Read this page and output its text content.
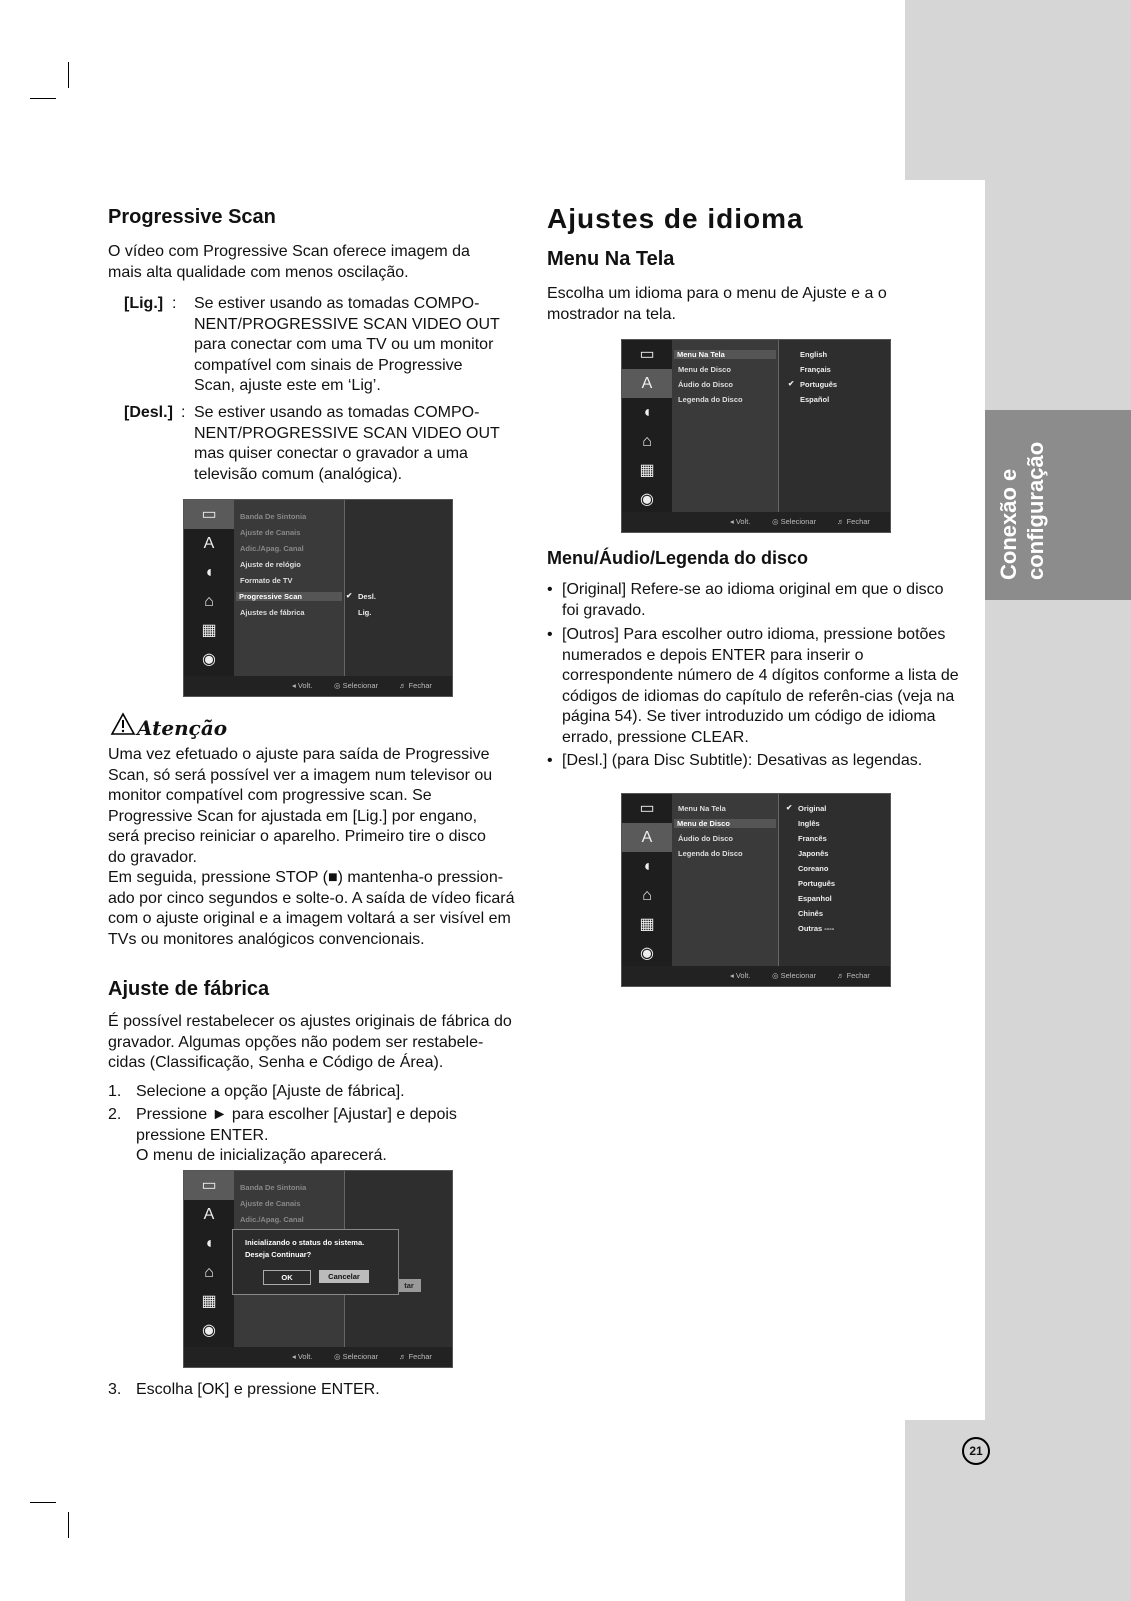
Conexão e configuração
Progressive Scan

O vídeo com Progressive Scan oferece imagem da mais alta qualidade com menos oscilação.

[Lig.] : Se estiver usando as tomadas COMPO-NENT/PROGRESSIVE SCAN VIDEO OUT para conectar com uma TV ou um monitor compatível com sinais de Progressive Scan, ajuste este em ‘Lig’.
[Desl.] : Se estiver usando as tomadas COMPO-NENT/PROGRESSIVE SCAN VIDEO OUT mas quiser conectar o gravador a uma televisão comum (analógica).
▭
A
◖
⌂
▦
◉
Banda De Sintonia
Ajuste de Canais
Adic./Apag. Canal
Ajuste de relógio
Formato de TV
Progressive Scan
Ajustes de fábrica
✔ Desl.
Lig.
◂ Volt.	◎ Selecionar	♬ Fechar
Atenção

Uma vez efetuado o ajuste para saída de Progressive Scan, só será possível ver a imagem num televisor ou monitor compatível com progressive scan. Se Progressive Scan for ajustada em [Lig.] por engano, será preciso reiniciar o aparelho. Primeiro tire o disco do gravador.

Em seguida, pressione STOP (■) mantenha-o pression-ado por cinco segundos e solte-o. A saída de vídeo ficará com o ajuste original e a imagem voltará a ser visível em TVs ou monitores analógicos convencionais.

Ajuste de fábrica

É possível restabelecer os ajustes originais de fábrica do gravador. Algumas opções não podem ser restabele-cidas (Classificação, Senha e Código de Área).

1. Selecione a opção [Ajuste de fábrica].
2. Pressione ► para escolher [Ajustar] e depois pressione ENTER.
O menu de inicialização aparecerá.
▭
A
◖
⌂
▦
◉
Banda De Sintonia
Ajuste de Canais
Adic./Apag. Canal
tar
Inicializando o status do sistema.
Deseja Continuar?
OK	Cancelar
◂ Volt.	◎ Selecionar	♬ Fechar
3. Escolha [OK] e pressione ENTER.
Ajustes de idioma
Menu Na Tela

Escolha um idioma para o menu de Ajuste e a o mostrador na tela.

▭
A
◖
⌂
▦
◉
Menu Na Tela
Menu de Disco
Áudio do Disco
Legenda do Disco
English
Français
✔ Português
Español
◂ Volt.	◎ Selecionar	♬ Fechar
Menu/Áudio/Legenda do disco
• [Original] Refere-se ao idioma original em que o disco foi gravado.
• [Outros] Para escolher outro idioma, pressione botões numerados e depois ENTER para inserir o correspondente número de 4 dígitos conforme a lista de códigos de idiomas do capítulo de referên-cias (veja na página 54). Se tiver introduzido um código de idioma errado, pressione CLEAR.
• [Desl.] (para Disc Subtitle): Desativas as legendas.
▭
A
◖
⌂
▦
◉
Menu Na Tela
Menu de Disco
Áudio do Disco
Legenda do Disco
✔ Original
Inglês
Francês
Japonês
Coreano
Português
Espanhol
Chinês
Outras ----
◂ Volt.	◎ Selecionar	♬ Fechar
21
